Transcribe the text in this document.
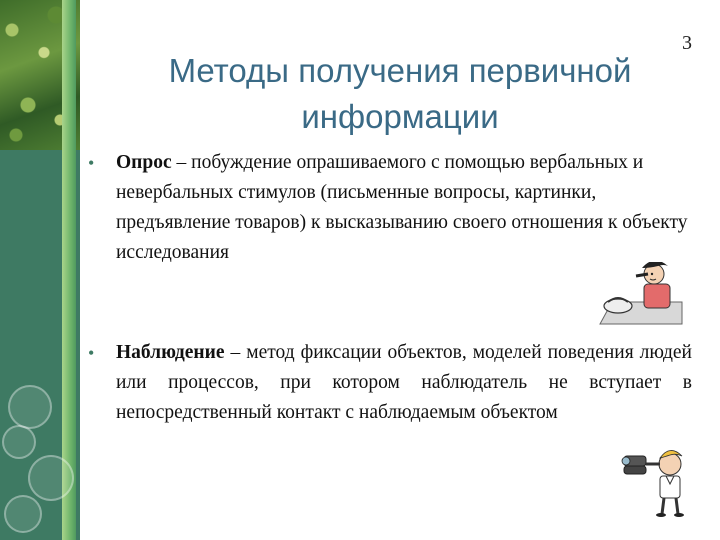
3
Методы получения первичной
информации
• Опрос – побуждение опрашиваемого с помощью вербальных и невербальных стимулов (письменные вопросы, картинки, предъявление товаров) к высказыванию своего отношения к объекту исследования
• Наблюдение – метод фиксации объектов, моделей поведения людей или процессов, при котором наблюдатель не вступает в непосредственный контакт с наблюдаемым объектом
